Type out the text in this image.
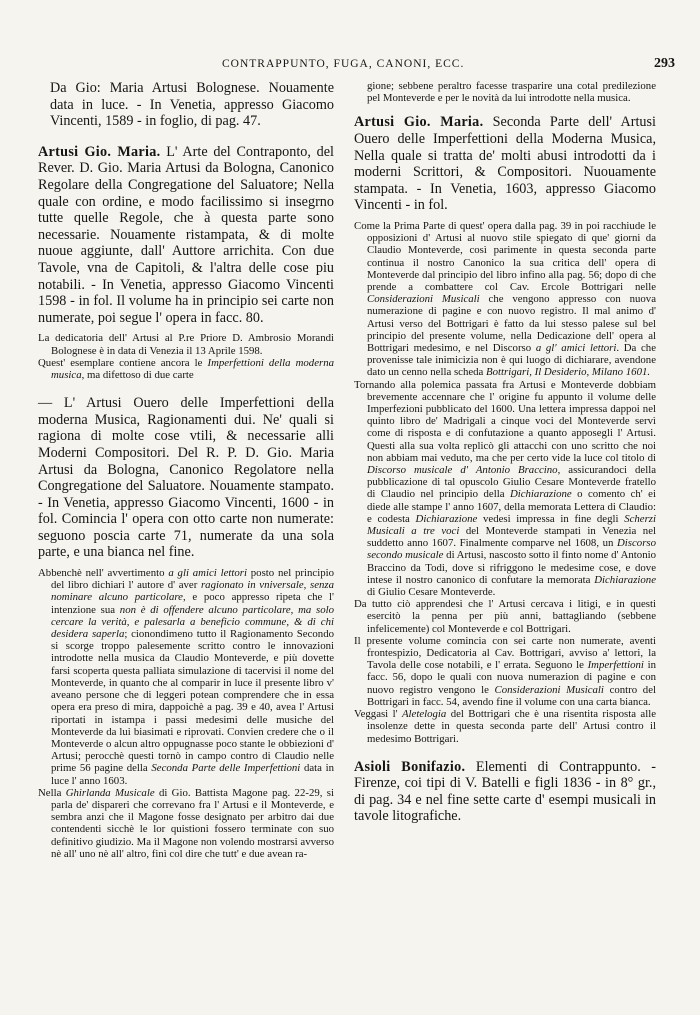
CONTRAPPUNTO, FUGA, CANONI, ECC.	293

Da Gio: Maria Artusi Bolognese. Nouamente data in luce. - In Venetia, appresso Giacomo Vincenti, 1589 - in foglio, di pag. 47.

Artusi Gio. Maria. L' Arte del Contraponto, del Rever. D. Gio. Maria Artusi da Bologna, Canonico Regolare della Congregatione del Saluatore; Nella quale con ordine, e modo facilissimo si insegrno tutte quelle Regole, che à questa parte sono necessarie. Nouamente ristampata, & di molte nuoue aggiunte, dall' Auttore arrichita. Con due Tavole, vna de Capitoli, & l'altra delle cose piu notabili. - In Venetia, appresso Giacomo Vincenti 1598 - in fol. Il volume ha in principio sei carte non numerate, poi segue l' opera in facc. 80.

La dedicatoria dell' Artusi al P.re Priore D. Ambrosio Morandi Bolognese è in data di Venezia il 13 Aprile 1598.

Quest' esemplare contiene ancora le Imperfettioni della moderna musica, ma difettoso di due carte

— L' Artusi Ouero delle Imperfettioni della moderna Musica, Ragionamenti dui. Ne' quali si ragiona di molte cose vtili, & necessarie alli Moderni Compositori. Del R. P. D. Gio. Maria Artusi da Bologna, Canonico Regolatore nella Congregatione del Saluatore. Nouamente stampato. - In Venetia, appresso Giacomo Vincenti, 1600 - in fol. Comincia l' opera con otto carte non numerate: seguono poscia carte 71, numerate da una sola parte, e una bianca nel fine.

Abbenchè nell' avvertimento a gli amici lettori posto nel principio del libro dichiari l' autore d' aver ragionato in vniversale, senza nominare alcuno particolare, e poco appresso ripeta che l' intenzione sua non è di offendere alcuno particolare, ma solo cercare la verità, e palesarla a beneficio commune, & di chi desidera saperla; cionondimeno tutto il Ragionamento Secondo si scorge troppo palesemente scritto contro le innovazioni introdotte nella musica da Claudio Monteverde, e più dovette farsi scoperta questa palliata simulazione di tacervisi il nome del Monteverde, in quanto che al comparir in luce il presente libro v' aveano persone che di leggeri potean comprendere che in essa opera era preso di mira, dappoichè a pag. 39 e 40, avea l' Artusi riportati in istampa i passi medesimi delle musiche del Monteverde da lui biasimati e riprovati. Convien credere che o il Monteverde o alcun altro oppugnasse poco stante le obbiezioni d' Artusi; perocchè questi tornò in campo contro di Claudio nelle prime 56 pagine della Seconda Parte delle Imperfettioni data in luce l' anno 1603.

Nella Ghirlanda Musicale di Gio. Battista Magone pag. 22-29, si parla de' dispareri che correvano fra l' Artusi e il Monteverde, e sembra anzi che il Magone fosse designato per arbitro dai due contendenti sicchè le lor quistioni fossero terminate con suo definitivo giudizio. Ma il Magone non volendo mostrarsi avverso nè all' uno nè all' altro, finì col dire che tutt' e due avean ra-

gione; sebbene peraltro facesse trasparire una cotal predilezione pel Monteverde e per le novità da lui introdotte nella musica.

Artusi Gio. Maria. Seconda Parte dell' Artusi Ouero delle Imperfettioni della Moderna Musica, Nella quale si tratta de' molti abusi introdotti da i moderni Scrittori, & Compositori. Nuouamente stampata. - In Venetia, 1603, appresso Giacomo Vincenti - in fol.

Come la Prima Parte di quest' opera dalla pag. 39 in poi racchiude le opposizioni d' Artusi al nuovo stile spiegato di que' giorni da Claudio Monteverde, così parimente in questa seconda parte continua il nostro Canonico la sua critica dell' opera di Monteverde dal principio del libro infino alla pag. 56; dopo di che prende a combattere col Cav. Ercole Bottrigari nelle Considerazioni Musicali che vengono appresso con nuova numerazione di pagine e con nuovo registro. Il mal animo d' Artusi verso del Bottrigari è fatto da lui stesso palese sul bel principio del presente volume, nella Dedicazione dell' opera al Bottrigari medesimo, e nel Discorso a gl' amici lettori. Da che provenisse tale inimicizia non è qui luogo di dichiarare, avendone dato un cenno nella scheda Bottrigari, Il Desiderio, Milano 1601.

Tornando alla polemica passata fra Artusi e Monteverde dobbiam brevemente accennare che l' origine fu appunto il volume delle Imperfezioni pubblicato del 1600. Una lettera impressa dappoi nel quinto libro de' Madrigali a cinque voci del Monteverde servì come di risposta e di confutazione a quanto apposegli l' Artusi. Questi alla sua volta replicò gli attacchi con uno scritto che noi non abbiam mai veduto, ma che per certo vide la luce col titolo di Discorso musicale d' Antonio Braccino, assicurandoci della pubblicazione di tal opuscolo Giulio Cesare Monteverde fratello di Claudio nel principio della Dichiarazione o comento ch' ei diede alle stampe l' anno 1607, della memorata Lettera di Claudio: e codesta Dichiarazione vedesi impressa in fine degli Scherzi Musicali a tre voci del Monteverde stampati in Venezia nel suddetto anno 1607. Finalmente comparve nel 1608, un Discorso secondo musicale di Artusi, nascosto sotto il finto nome d' Antonio Braccino da Todi, dove si rifriggono le medesime cose, e dove intese il nostro canonico di confutare la memorata Dichiarazione di Giulio Cesare Monteverde.

Da tutto ciò apprendesi che l' Artusi cercava i litigi, e in questi esercitò la penna per più anni, battagliando (sebbene infelicemente) col Monteverde e col Bottrigari.

Il presente volume comincia con sei carte non numerate, aventi frontespizio, Dedicatoria al Cav. Bottrigari, avviso a' lettori, la Tavola delle cose notabili, e l' errata. Seguono le Imperfettioni in facc. 56, dopo le quali con nuova numerazion di pagine e con nuovo registro vengono le Considerazioni Musicali contro del Bottrigari in facc. 54, avendo fine il volume con una carta bianca.

Veggasi l' Aletelogia del Bottrigari che è una risentita risposta alle insolenze dette in questa seconda parte dell' Artusi contro il medesimo Bottrigari.

Asioli Bonifazio. Elementi di Contrappunto. - Firenze, coi tipi di V. Batelli e figli 1836 - in 8° gr., di pag. 34 e nel fine sette carte d' esempi musicali in tavole litografiche.
